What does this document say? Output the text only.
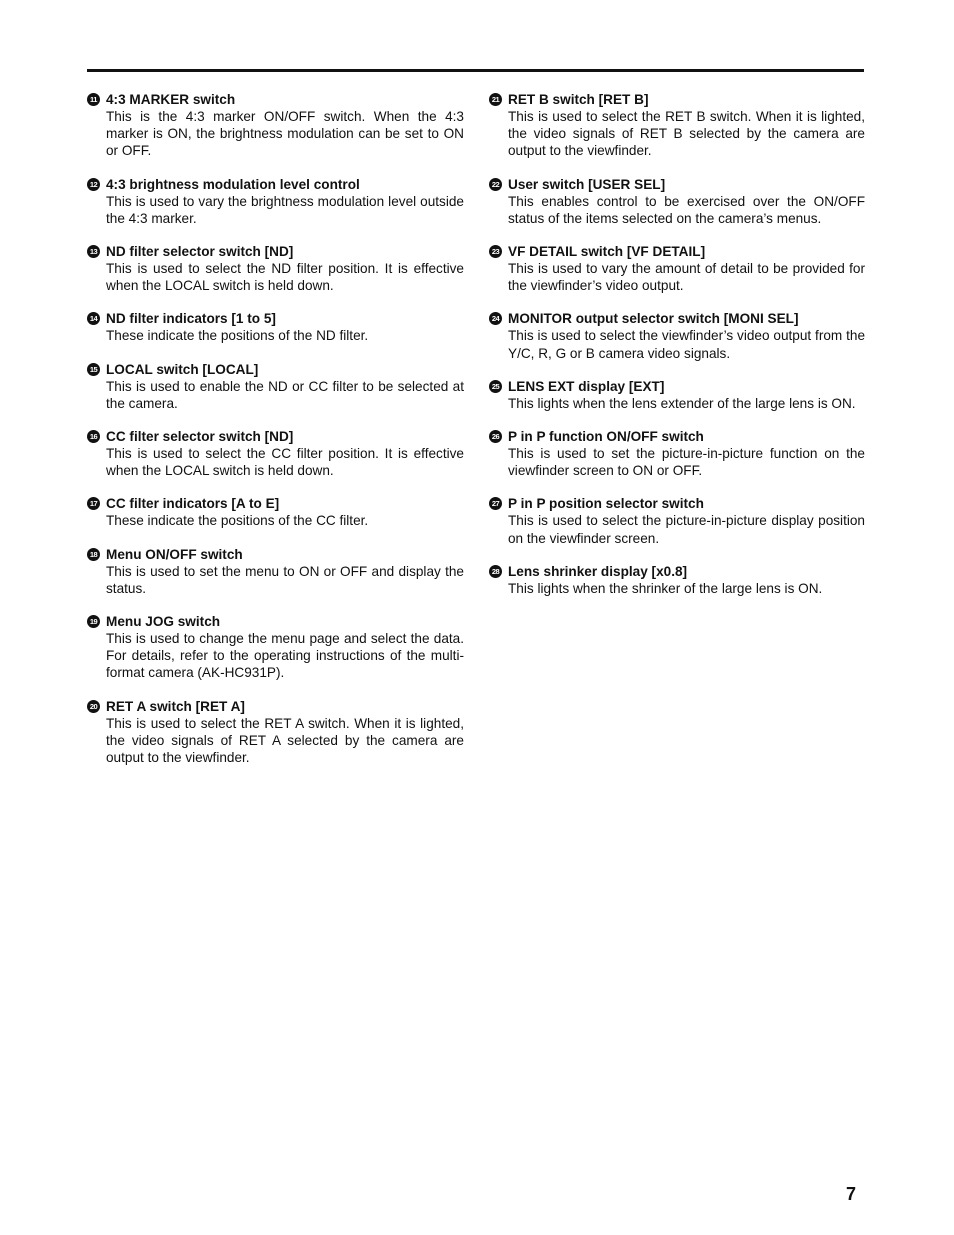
11 4:3 MARKER switch
This is the 4:3 marker ON/OFF switch. When the 4:3 marker is ON, the brightness modulation can be set to ON or OFF.
12 4:3 brightness modulation level control
This is used to vary the brightness modulation level outside the 4:3 marker.
13 ND filter selector switch [ND]
This is used to select the ND filter position. It is effective when the LOCAL switch is held down.
14 ND filter indicators [1 to 5]
These indicate the positions of the ND filter.
15 LOCAL switch [LOCAL]
This is used to enable the ND or CC filter to be selected at the camera.
16 CC filter selector switch [ND]
This is used to select the CC filter position. It is effective when the LOCAL switch is held down.
17 CC filter indicators [A to E]
These indicate the positions of the CC filter.
18 Menu ON/OFF switch
This is used to set the menu to ON or OFF and display the status.
19 Menu JOG switch
This is used to change the menu page and select the data. For details, refer to the operating instructions of the multi-format camera (AK-HC931P).
20 RET A switch [RET A]
This is used to select the RET A switch. When it is lighted, the video signals of RET A selected by the camera are output to the viewfinder.
21 RET B switch [RET B]
This is used to select the RET B switch. When it is lighted, the video signals of RET B selected by the camera are output to the viewfinder.
22 User switch [USER SEL]
This enables control to be exercised over the ON/OFF status of the items selected on the camera’s menus.
23 VF DETAIL switch [VF DETAIL]
This is used to vary the amount of detail to be provided for the viewfinder’s video output.
24 MONITOR output selector switch [MONI SEL]
This is used to select the viewfinder’s video output from the Y/C, R, G or B camera video signals.
25 LENS EXT display [EXT]
This lights when the lens extender of the large lens is ON.
26 P in P function ON/OFF switch
This is used to set the picture-in-picture function on the viewfinder screen to ON or OFF.
27 P in P position selector switch
This is used to select the picture-in-picture display position on the viewfinder screen.
28 Lens shrinker display [x0.8]
This lights when the shrinker of the large lens is ON.
7
